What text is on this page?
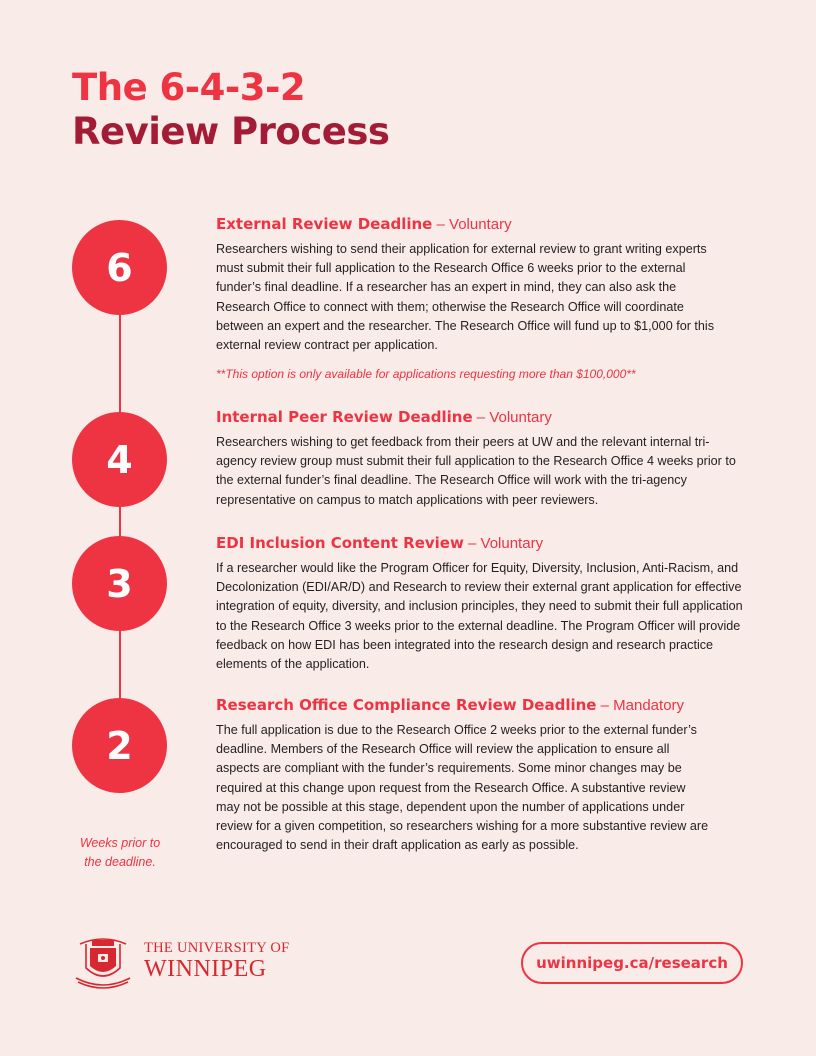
The 6-4-3-2
Review Process
6
External Review Deadline – Voluntary

Researchers wishing to send their application for external review to grant writing experts must submit their full application to the Research Office 6 weeks prior to the external funder’s final deadline. If a researcher has an expert in mind, they can also ask the Research Office to connect with them; otherwise the Research Office will coordinate between an expert and the researcher. The Research Office will fund up to $1,000 for this external review contract per application.

**This option is only available for applications requesting more than $100,000**

4
Internal Peer Review Deadline – Voluntary

Researchers wishing to get feedback from their peers at UW and the relevant internal tri-agency review group must submit their full application to the Research Office 4 weeks prior to the external funder’s final deadline. The Research Office will work with the tri-agency representative on campus to match applications with peer reviewers.

3
EDI Inclusion Content Review – Voluntary

If a researcher would like the Program Officer for Equity, Diversity, Inclusion, Anti-Racism, and Decolonization (EDI/AR/D) and Research to review their external grant application for effective integration of equity, diversity, and inclusion principles, they need to submit their full application to the Research Office 3 weeks prior to the external deadline. The Program Officer will provide feedback on how EDI has been integrated into the research design and research practice elements of the application.

2
Research Office Compliance Review Deadline – Mandatory

The full application is due to the Research Office 2 weeks prior to the external funder’s deadline. Members of the Research Office will review the application to ensure all aspects are compliant with the funder’s requirements. Some minor changes may be required at this change upon request from the Research Office. A substantive review may not be possible at this stage, dependent upon the number of applications under review for a given competition, so researchers wishing for a more substantive review are encouraged to send in their draft application as early as possible.

Weeks prior to
the deadline.
THE UNIVERSITY OF
WINNIPEG	uwinnipeg.ca/research
